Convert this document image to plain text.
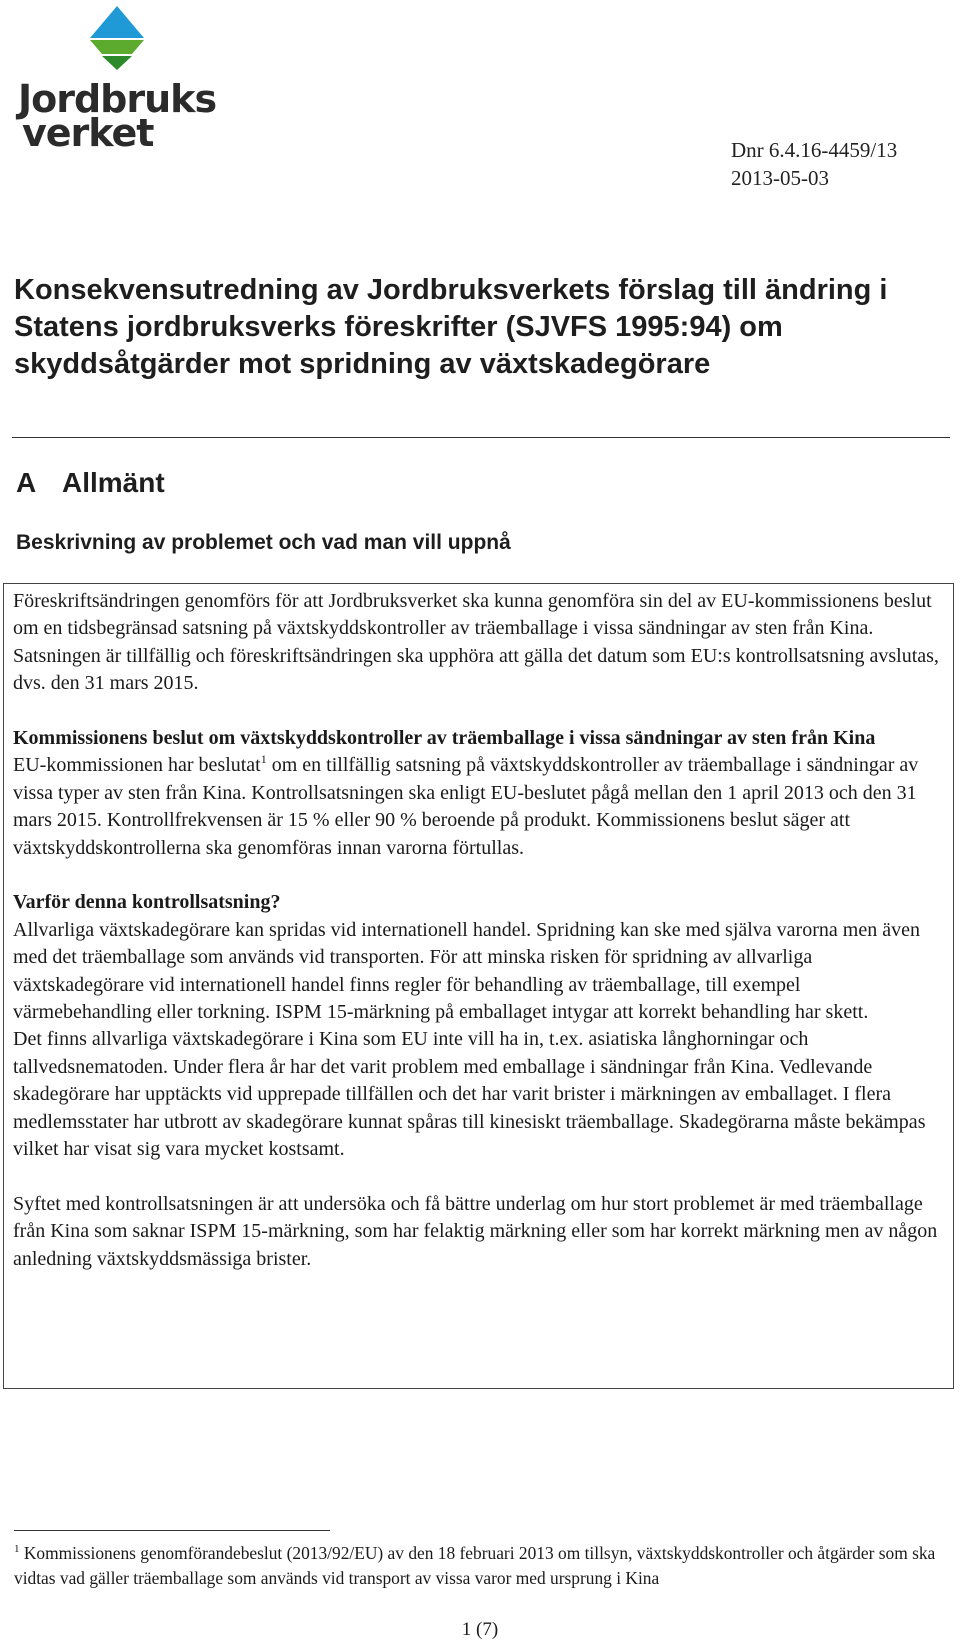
Jordbruks
verket	Dnr 6.4.16-4459/13
2013-05-03
Konsekvensutredning av Jordbruksverkets förslag till ändring i Statens jordbruksverks föreskrifter (SJVFS 1995:94) om skyddsåtgärder mot spridning av växtskadegörare
A Allmänt
Beskrivning av problemet och vad man vill uppnå

Föreskriftsändringen genomförs för att Jordbruksverket ska kunna genomföra sin del av EU-kommissionens beslut om en tidsbegränsad satsning på växtskyddskontroller av träemballage i vissa sändningar av sten från Kina. Satsningen är tillfällig och föreskriftsändringen ska upphöra att gälla det datum som EU:s kontrollsatsning avslutas, dvs. den 31 mars 2015.

Kommissionens beslut om växtskyddskontroller av träemballage i vissa sändningar av sten från Kina

EU-kommissionen har beslutat$^1$ om en tillfällig satsning på växtskyddskontroller av träemballage i sändningar av vissa typer av sten från Kina. Kontrollsatsningen ska enligt EU-beslutet pågå mellan den 1 april 2013 och den 31 mars 2015. Kontrollfrekvensen är 15 % eller 90 % beroende på produkt. Kommissionens beslut säger att växtskyddskontrollerna ska genomföras innan varorna förtullas.

Varför denna kontrollsatsning?

Allvarliga växtskadegörare kan spridas vid internationell handel. Spridning kan ske med själva varorna men även med det träemballage som används vid transporten. För att minska risken för spridning av allvarliga växtskadegörare vid internationell handel finns regler för behandling av träemballage, till exempel värmebehandling eller torkning. ISPM 15-märkning på emballaget intygar att korrekt behandling har skett.

Det finns allvarliga växtskadegörare i Kina som EU inte vill ha in, t.ex. asiatiska långhorningar och tallvedsnematoden. Under flera år har det varit problem med emballage i sändningar från Kina. Vedlevande skadegörare har upptäckts vid upprepade tillfällen och det har varit brister i märkningen av emballaget. I flera medlemsstater har utbrott av skadegörare kunnat spåras till kinesiskt träemballage. Skadegörarna måste bekämpas vilket har visat sig vara mycket kostsamt.

Syftet med kontrollsatsningen är att undersöka och få bättre underlag om hur stort problemet är med träemballage från Kina som saknar ISPM 15-märkning, som har felaktig märkning eller som har korrekt märkning men av någon anledning växtskyddsmässiga brister.

$^1$ Kommissionens genomförandebeslut (2013/92/EU) av den 18 februari 2013 om tillsyn, växtskyddskontroller och åtgärder som ska vidtas vad gäller träemballage som används vid transport av vissa varor med ursprung i Kina
1 (7)
